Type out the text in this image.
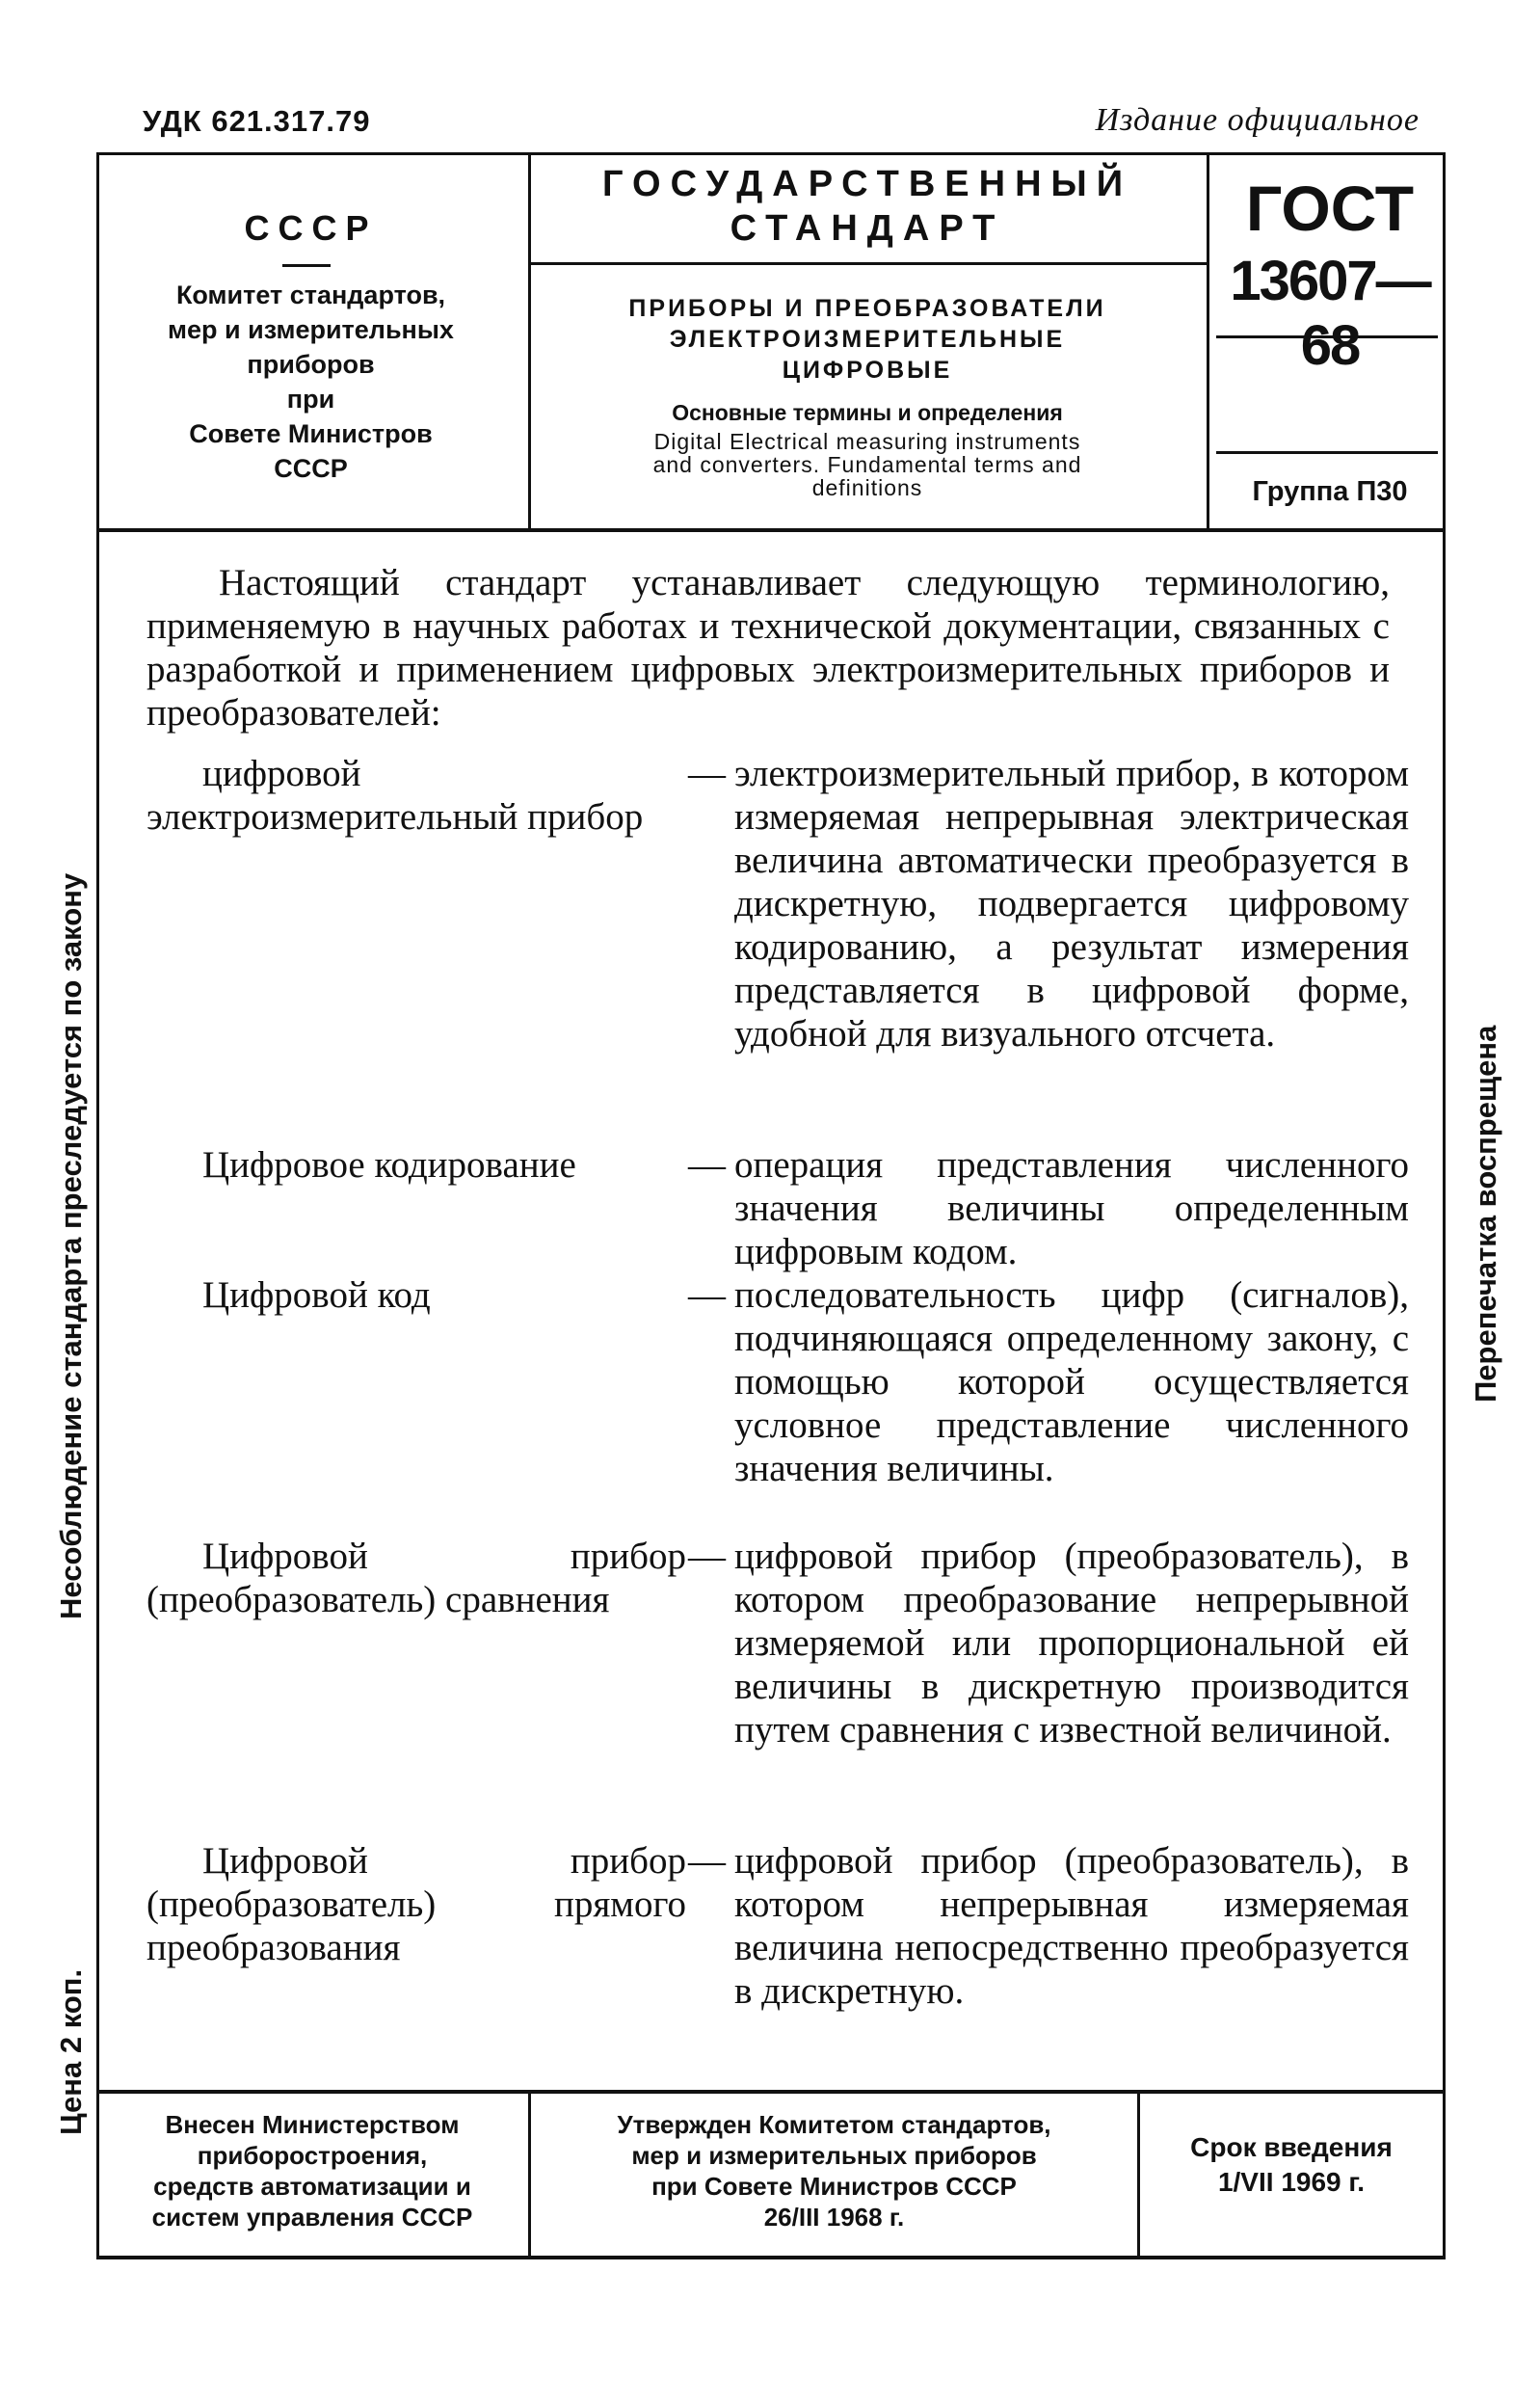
УДК 621.317.79	Издание официальное
СССР
Комитет стандартов,
мер и измерительных
приборов
при
Совете Министров
СССР
ГОСУДАРСТВЕННЫЙ
СТАНДАРТ
ПРИБОРЫ И ПРЕОБРАЗОВАТЕЛИ
ЭЛЕКТРОИЗМЕРИТЕЛЬНЫЕ
ЦИФРОВЫЕ
Основные термины и определения
Digital Electrical measuring instruments
and converters. Fundamental terms and
definitions
ГОСТ
13607—68
Группа П30
Настоящий стандарт устанавливает следующую терминологию, применяемую в научных работах и технической документации, связанных с разработкой и применением цифровых электроизмерительных приборов и преобразователей:
цифровой электроизмерительный прибор
— электроизмерительный прибор, в котором измеряемая непрерывная электрическая величина автоматически преобразуется в дискретную, подвергается цифровому кодированию, а результат измерения представляется в цифровой форме, удобной для визуального отсчета.
Цифровое кодирование	— операция представления численного значения величины определенным цифровым кодом.
Цифровой код	— последовательность цифр (сигналов), подчиняющаяся определенному закону, с помощью которой осуществляется условное представление численного значения величины.
Цифровой прибор (преобразователь) сравнения
— цифровой прибор (преобразователь), в котором преобразование непрерывной измеряемой или пропорциональной ей величины в дискретную производится путем сравнения с известной величиной.
Цифровой прибор (преобразователь) прямого преобразования
— цифровой прибор (преобразователь), в котором непрерывная измеряемая величина непосредственно преобразуется в дискретную.
Внесен Министерством
приборостроения,
средств автоматизации и
систем управления СССР
Утвержден Комитетом стандартов,
мер и измерительных приборов
при Совете Министров СССР
26/III 1968 г.
Срок введения
1/VII 1969 г.
Несоблюдение стандарта преследуется по закону
Цена 2 коп.
Перепечатка воспрещена
